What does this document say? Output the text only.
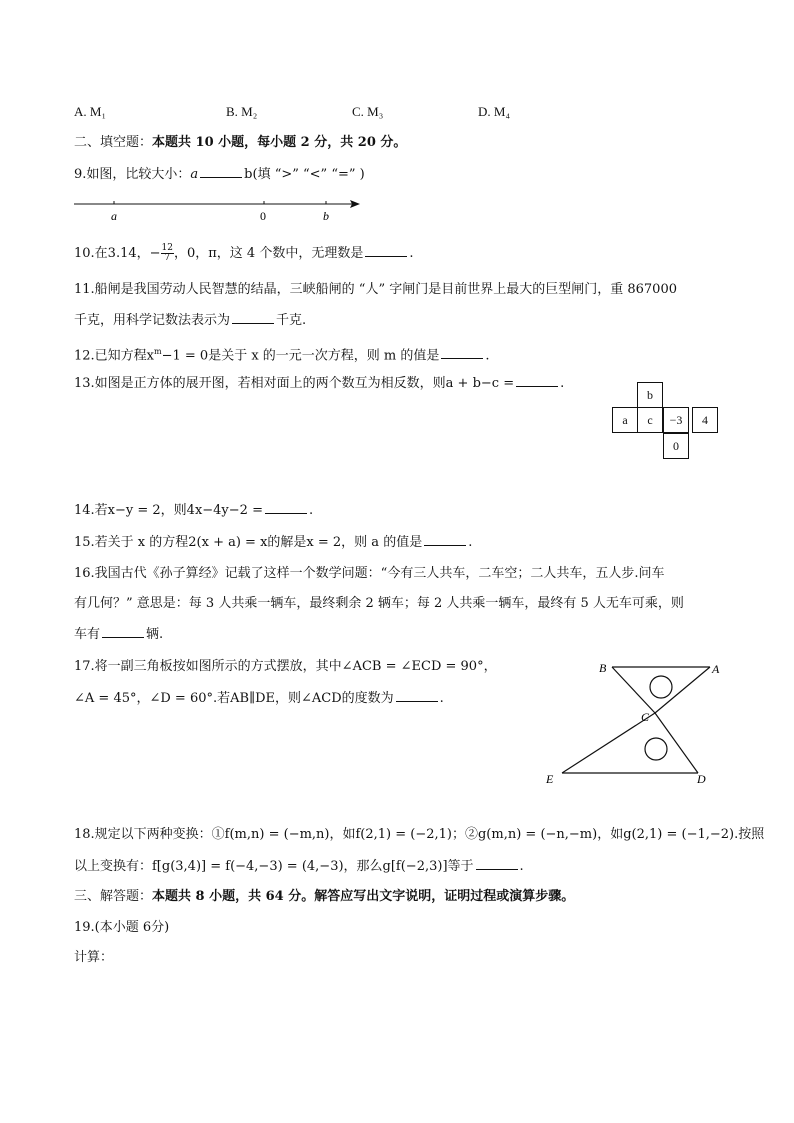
A. M₁	B. M₂	C. M₃	D. M₄
二、填空题：本题共 10 小题，每小题 2 分，共 20 分。
9.如图，比较大小：a	b(填 “>” “<” “=” )
a	0	b
10.在3.14，− $\frac{12}{7}$ ，0，π，这 4 个数中，无理数是	.
11.船闸是我国劳动人民智慧的结晶，三峡船闸的 “人” 字闸门是目前世界上最大的巨型闸门，重 867000
千克，用科学记数法表示为	千克.
12.已知方程$x^m-1 = 0$是关于 x 的一元一次方程，则 m 的值是	.
13.如图是正方体的展开图，若相对面上的两个数互为相反数，则a + b−c =	.
b
a	c	−3	4
0
14.若x−y = 2，则4x−4y−2 =	.
15.若关于 x 的方程2(x + a) = x的解是x = 2，则 a 的值是	.
16.我国古代《孙子算经》记载了这样一个数学问题：“今有三人共车，二车空；二人共车，五人步.问车
有几何？” 意思是：每 3 人共乘一辆车，最终剩余 2 辆车；每 2 人共乘一辆车，最终有 5 人无车可乘，则
车有	辆.
17.将一副三角板按如图所示的方式摆放，其中∠ACB = ∠ECD = 90°，
∠A = 45°，∠D = 60°.若AB∥DE，则∠ACD的度数为	.
B	A
C
E	D
18.规定以下两种变换：①f(m,n) = (−m,n)，如f(2,1) = (−2,1)；②g(m,n) = (−n,−m)，如g(2,1) = (−1,−2).按照
以上变换有：f[g(3,4)] = f(−4,−3) = (4,−3)，那么g[f(−2,3)]等于	.
三、解答题：本题共 8 小题，共 64 分。解答应写出文字说明，证明过程或演算步骤。
19.(本小题 6分)
计算：
